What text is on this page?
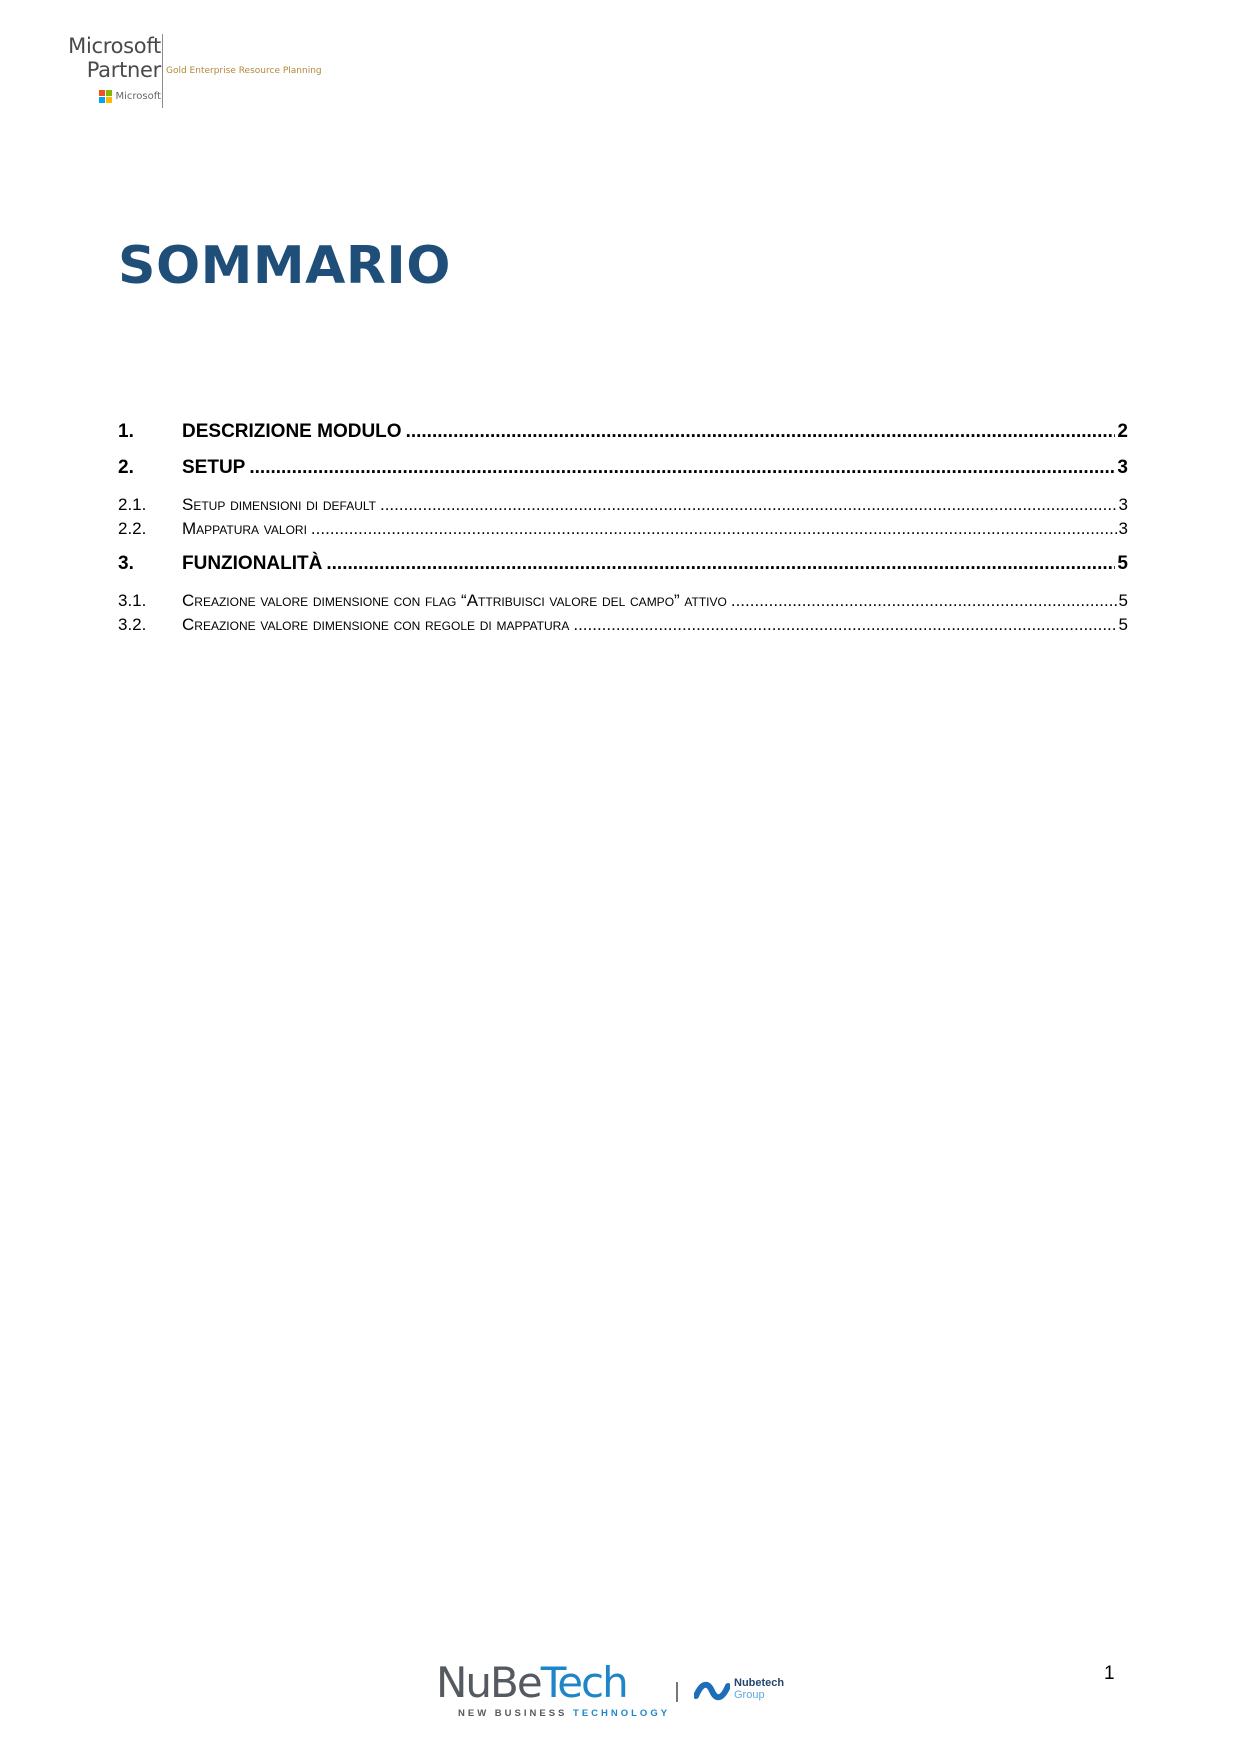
Microsoft
Partner
Microsoft
Gold Enterprise Resource Planning
SOMMARIO
1.	DESCRIZIONE MODULO .....	2
2.	SETUP .....	3
2.1.	Setup dimensioni di default .....	3
2.2.	Mappatura valori .....	3
3.	FUNZIONALITÀ .....	5
3.1.	Creazione valore dimensione con flag “Attribuisci valore del campo” attivo .....	5
3.2.	Creazione valore dimensione con regole di mappatura .....	5
NuBeTech
NEW BUSINESS TECHNOLOGY
Nubetech
Group
1
